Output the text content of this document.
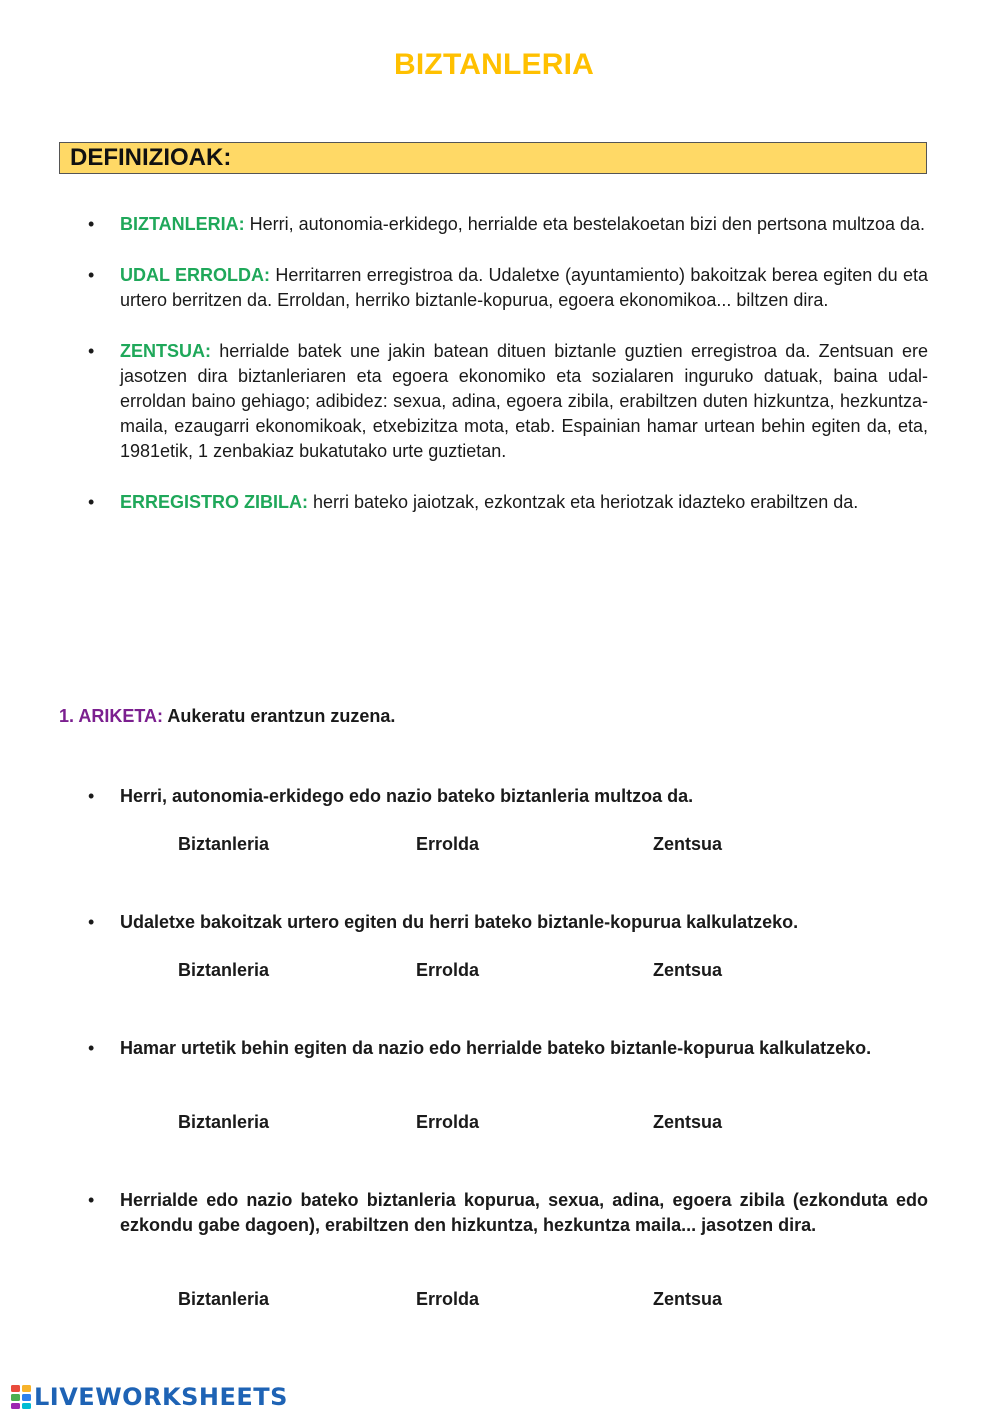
BIZTANLERIA
DEFINIZIOAK:
• BIZTANLERIA: Herri, autonomia-erkidego, herrialde eta bestelakoetan bizi den pertsona multzoa da.
• UDAL ERROLDA: Herritarren erregistroa da. Udaletxe (ayuntamiento) bakoitzak berea egiten du eta urtero berritzen da. Erroldan, herriko biztanle-kopurua, egoera ekonomikoa... biltzen dira.
• ZENTSUA: herrialde batek une jakin batean dituen biztanle guztien erregistroa da. Zentsuan ere jasotzen dira biztanleriaren eta egoera ekonomiko eta sozialaren inguruko datuak, baina udal-erroldan baino gehiago; adibidez: sexua, adina, egoera zibila, erabiltzen duten hizkuntza, hezkuntza-maila, ezaugarri ekonomikoak, etxebizitza mota, etab. Espainian hamar urtean behin egiten da, eta, 1981etik, 1 zenbakiaz bukatutako urte guztietan.
• ERREGISTRO ZIBILA: herri bateko jaiotzak, ezkontzak eta heriotzak idazteko erabiltzen da.
1. ARIKETA: Aukeratu erantzun zuzena.
• Herri, autonomia-erkidego edo nazio bateko biztanleria multzoa da.
Biztanleria	Errolda	Zentsua
• Udaletxe bakoitzak urtero egiten du herri bateko biztanle-kopurua kalkulatzeko.
Biztanleria	Errolda	Zentsua
• Hamar urtetik behin egiten da nazio edo herrialde bateko biztanle-kopurua kalkulatzeko.
Biztanleria	Errolda	Zentsua
• Herrialde edo nazio bateko biztanleria kopurua, sexua, adina, egoera zibila (ezkonduta edo ezkondu gabe dagoen), erabiltzen den hizkuntza, hezkuntza maila... jasotzen dira.
Biztanleria	Errolda	Zentsua
LIVEWORKSHEETS
